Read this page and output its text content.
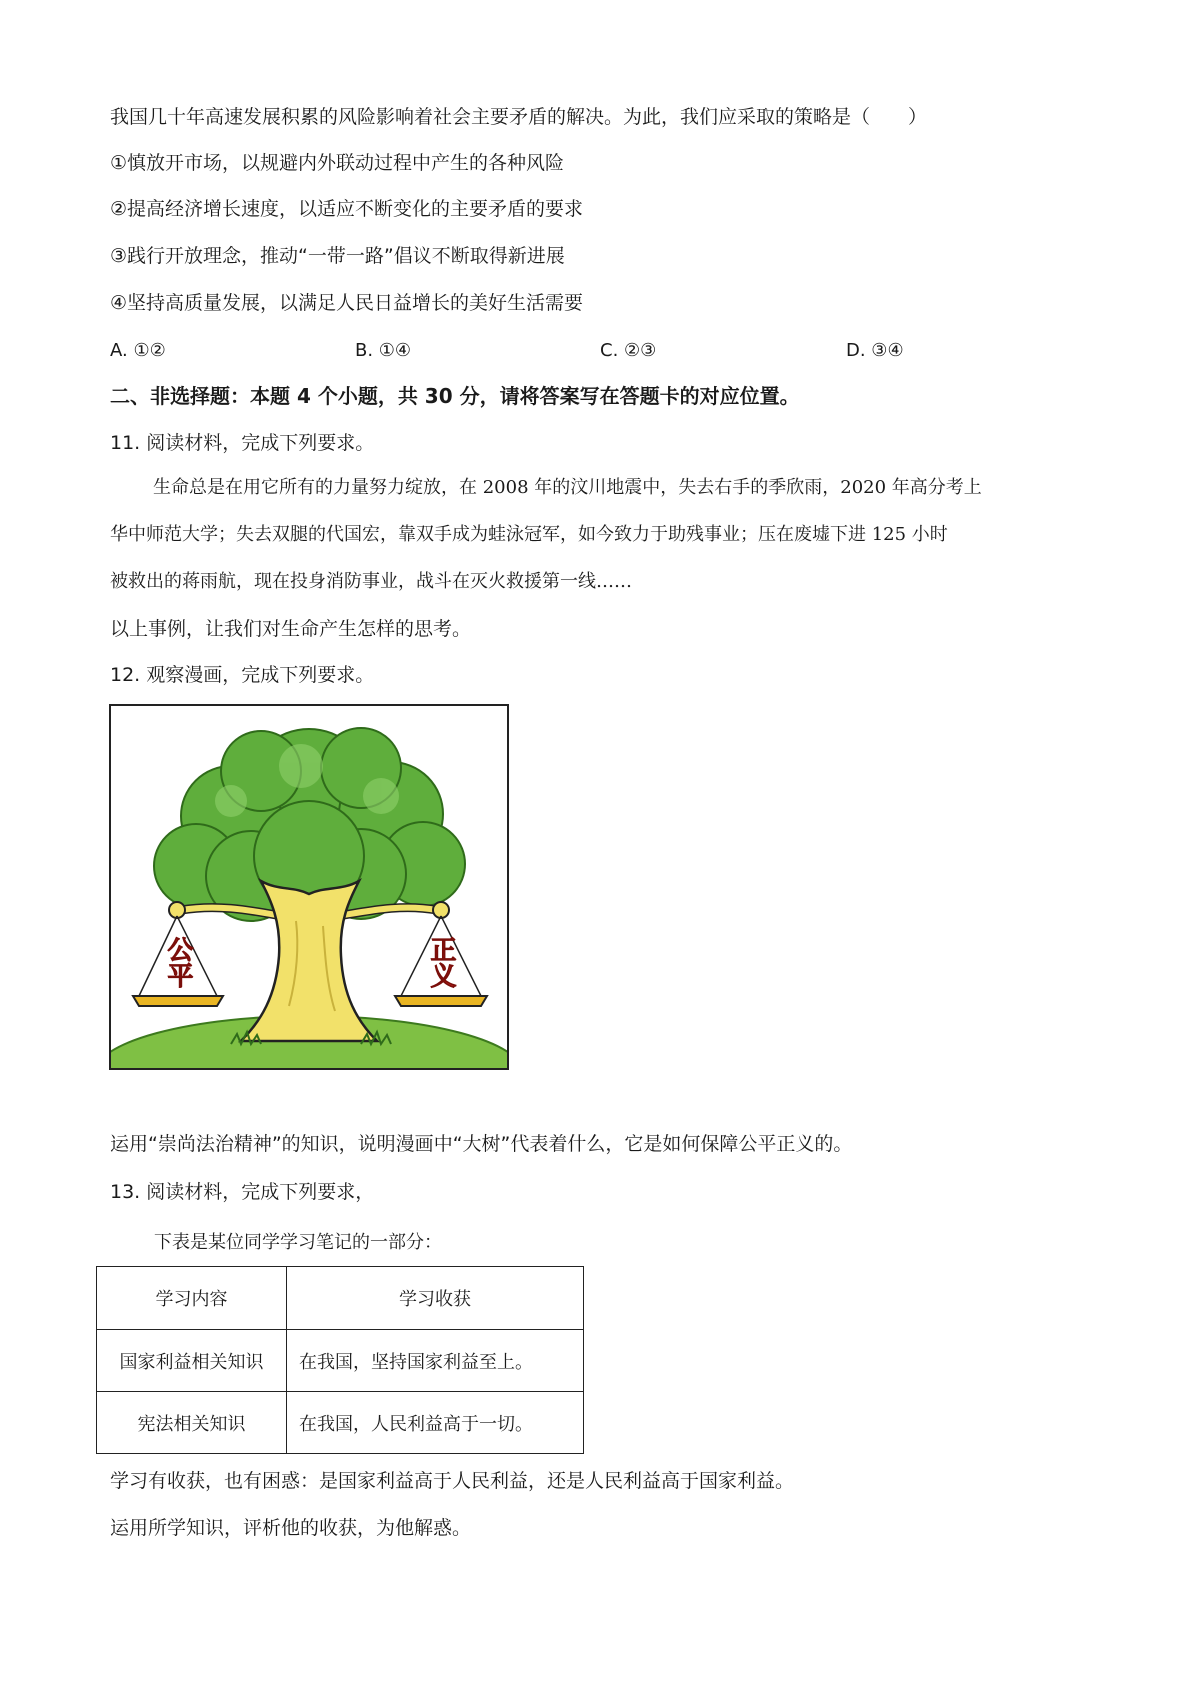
我国几十年高速发展积累的风险影响着社会主要矛盾的解决。为此，我们应采取的策略是（　　）
①慎放开市场，以规避内外联动过程中产生的各种风险
②提高经济增长速度，以适应不断变化的主要矛盾的要求
③践行开放理念，推动“一带一路”倡议不断取得新进展
④坚持高质量发展，以满足人民日益增长的美好生活需要
A. ①②	B. ①④	C. ②③	D. ③④
二、非选择题：本题 4 个小题，共 30 分，请将答案写在答题卡的对应位置。
11. 阅读材料，完成下列要求。
生命总是在用它所有的力量努力绽放，在 2008 年的汶川地震中，失去右手的季欣雨，2020 年高分考上
华中师范大学；失去双腿的代国宏，靠双手成为蛙泳冠军，如今致力于助残事业；压在废墟下进 125 小时
被救出的蒋雨航，现在投身消防事业，战斗在灭火救援第一线……
以上事例，让我们对生命产生怎样的思考。
12. 观察漫画，完成下列要求。
公平	正义
运用“崇尚法治精神”的知识，说明漫画中“大树”代表着什么，它是如何保障公平正义的。
13. 阅读材料，完成下列要求，
下表是某位同学学习笔记的一部分：
学习内容	学习收获
国家利益相关知识	在我国，坚持国家利益至上。
宪法相关知识	在我国，人民利益高于一切。
学习有收获，也有困惑：是国家利益高于人民利益，还是人民利益高于国家利益。
运用所学知识，评析他的收获，为他解惑。
